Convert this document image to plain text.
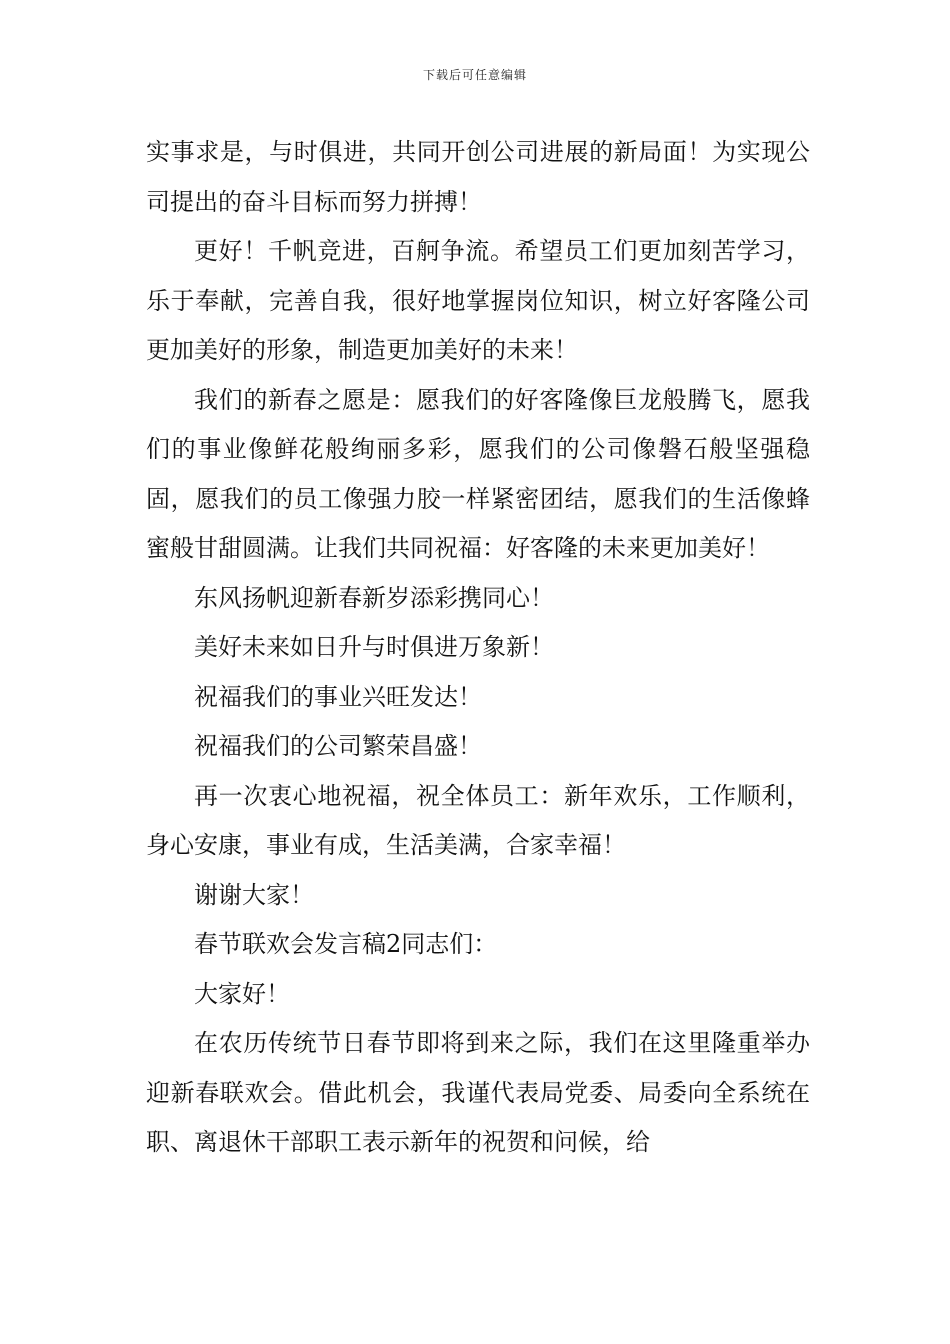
下载后可任意编辑

实事求是，与时俱进，共同开创公司进展的新局面！为实现公司提出的奋斗目标而努力拼搏！

更好！千帆竞进，百舸争流。希望员工们更加刻苦学习，乐于奉献，完善自我，很好地掌握岗位知识，树立好客隆公司更加美好的形象，制造更加美好的未来！

我们的新春之愿是：愿我们的好客隆像巨龙般腾飞，愿我们的事业像鲜花般绚丽多彩，愿我们的公司像磐石般坚强稳固，愿我们的员工像强力胶一样紧密团结，愿我们的生活像蜂蜜般甘甜圆满。让我们共同祝福：好客隆的未来更加美好！

东风扬帆迎新春新岁添彩携同心！

美好未来如日升与时俱进万象新！

祝福我们的事业兴旺发达！

祝福我们的公司繁荣昌盛！

再一次衷心地祝福，祝全体员工：新年欢乐，工作顺利，身心安康，事业有成，生活美满，合家幸福！

谢谢大家！

春节联欢会发言稿2同志们：

大家好！

在农历传统节日春节即将到来之际，我们在这里隆重举办迎新春联欢会。借此机会，我谨代表局党委、局委向全系统在职、离退休干部职工表示新年的祝贺和问候，给
